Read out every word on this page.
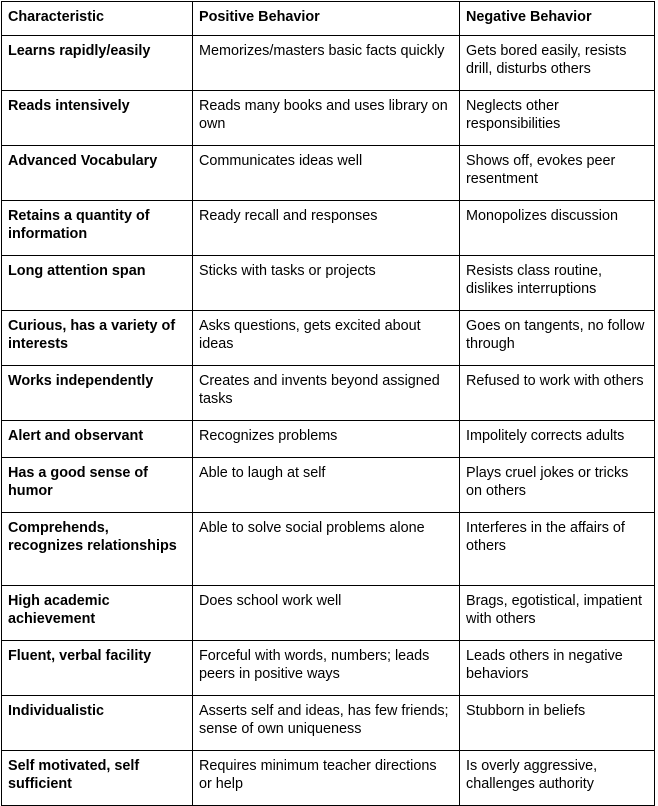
Characteristic	Positive Behavior	Negative Behavior
Learns rapidly/easily	Memorizes/masters basic facts quickly	Gets bored easily, resists drill, disturbs others
Reads intensively	Reads many books and uses library on own	Neglects other responsibilities
Advanced Vocabulary	Communicates ideas well	Shows off, evokes peer resentment
Retains a quantity of information	Ready recall and responses	Monopolizes discussion
Long attention span	Sticks with tasks or projects	Resists class routine, dislikes interruptions
Curious, has a variety of interests	Asks questions, gets excited about ideas	Goes on tangents, no follow through
Works independently	Creates and invents beyond assigned tasks	Refused to work with others
Alert and observant	Recognizes problems	Impolitely corrects adults
Has a good sense of humor	Able to laugh at self	Plays cruel jokes or tricks on others
Comprehends, recognizes relationships	Able to solve social problems alone	Interferes in the affairs of others
High academic achievement	Does school work well	Brags, egotistical, impatient with others
Fluent, verbal facility	Forceful with words, numbers; leads peers in positive ways	Leads others in negative behaviors
Individualistic	Asserts self and ideas, has few friends; sense of own uniqueness	Stubborn in beliefs
Self motivated, self sufficient	Requires minimum teacher directions or help	Is overly aggressive, challenges authority
